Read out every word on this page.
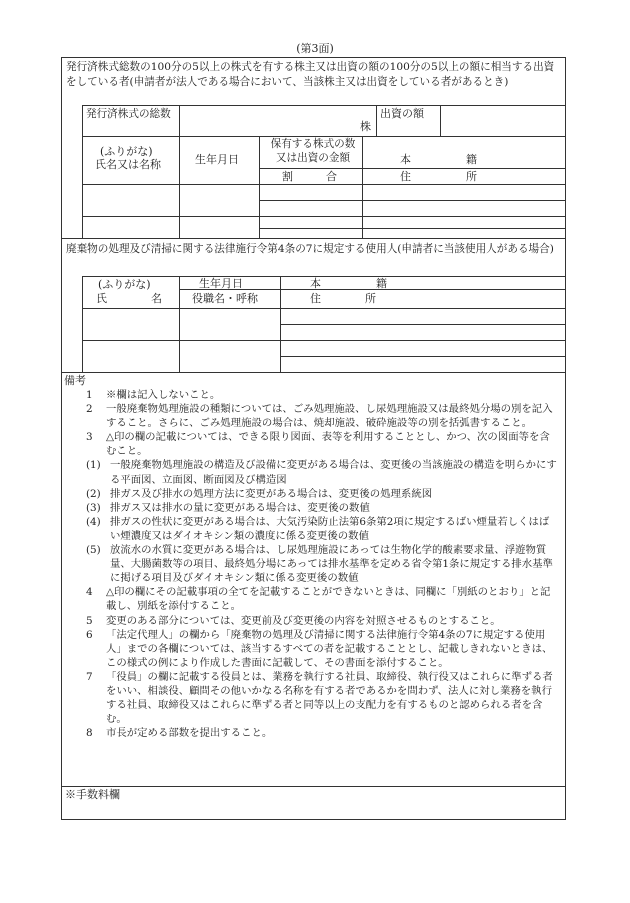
(第3面)
発行済株式総数の100分の5以上の株式を有する株主又は出資の額の100分の5以上の額に相当する出資をしている者(申請者が法人である場合において、当該株主又は出資をしている者があるとき)
発行済株式の総数
株
出資の額
(ふりがな)
氏名又は名称	生年月日
保有する株式の数又は出資の金額
割　　　合
本　　　　　籍
住　　　　　所
廃棄物の処理及び清掃に関する法律施行令第4条の7に規定する使用人(申請者に当該使用人がある場合)
(ふりがな)
氏　　　　名
生年月日
役職名・呼称
本　　　　　籍
住　　　　所
備考
1 ※欄は記入しないこと。
2 一般廃棄物処理施設の種類については、ごみ処理施設、し尿処理施設又は最終処分場の別を記入すること。さらに、ごみ処理施設の場合は、焼却施設、破砕施設等の別を括弧書すること。
3 △印の欄の記載については、できる限り図面、表等を利用することとし、かつ、次の図面等を含むこと。
(1) 一般廃棄物処理施設の構造及び設備に変更がある場合は、変更後の当該施設の構造を明らかにする平面図、立面図、断面図及び構造図
(2) 排ガス及び排水の処理方法に変更がある場合は、変更後の処理系統図
(3) 排ガス又は排水の量に変更がある場合は、変更後の数値
(4) 排ガスの性状に変更がある場合は、大気汚染防止法第6条第2項に規定するばい煙量若しくはばい煙濃度又はダイオキシン類の濃度に係る変更後の数値
(5) 放流水の水質に変更がある場合は、し尿処理施設にあっては生物化学的酸素要求量、浮遊物質量、大腸菌数等の項目、最終処分場にあっては排水基準を定める省令第1条に規定する排水基準に掲げる項目及びダイオキシン類に係る変更後の数値
4 △印の欄にその記載事項の全てを記載することができないときは、同欄に「別紙のとおり」と記載し、別紙を添付すること。
5 変更のある部分については、変更前及び変更後の内容を対照させるものとすること。
6 「法定代理人」の欄から「廃棄物の処理及び清掃に関する法律施行令第4条の7に規定する使用人」までの各欄については、該当するすべての者を記載することとし、記載しきれないときは、この様式の例により作成した書面に記載して、その書面を添付すること。
7 「役員」の欄に記載する役員とは、業務を執行する社員、取締役、執行役又はこれらに準ずる者をいい、相談役、顧問その他いかなる名称を有する者であるかを問わず、法人に対し業務を執行する社員、取締役又はこれらに準ずる者と同等以上の支配力を有するものと認められる者を含む。
8 市長が定める部数を提出すること。
※手数料欄
